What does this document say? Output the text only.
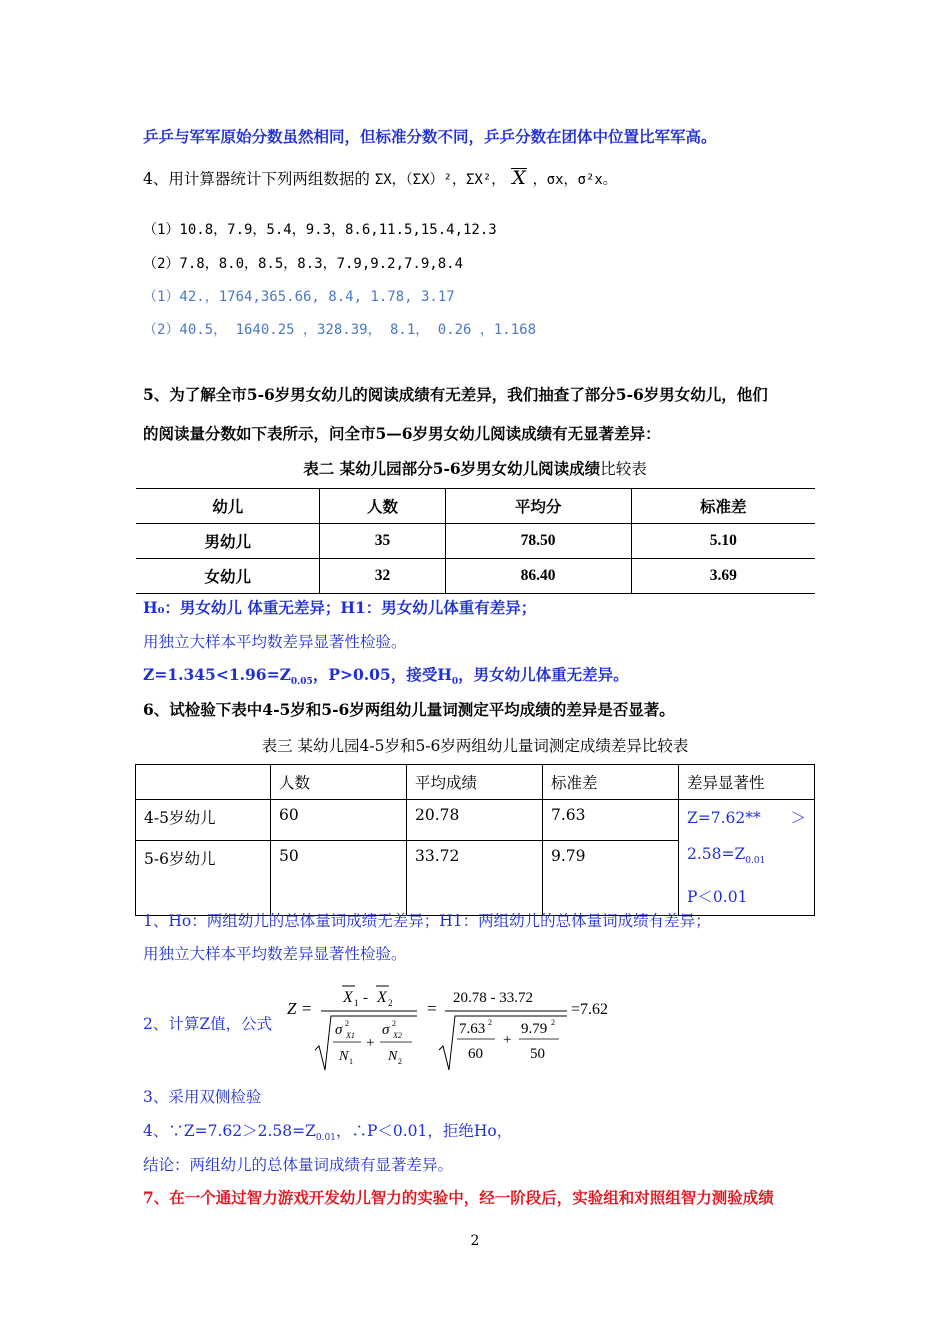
乒乒与军军原始分数虽然相同，但标准分数不同，乒乒分数在团体中位置比军军高。
4、用计算器统计下列两组数据的 ΣX，（ΣX）²，ΣX²， X ，σx，σ²x。
（1）10.8，7.9，5.4，9.3，8.6,11.5,15.4,12.3
（2）7.8，8.0，8.5，8.3，7.9,9.2,7.9,8.4
（1）42.，1764,365.66, 8.4, 1.78, 3.17
（2）40.5， 1640.25 ，328.39， 8.1， 0.26 ，1.168
5、为了解全市5-6岁男女幼儿的阅读成绩有无差异，我们抽查了部分5-6岁男女幼儿，他们
的阅读量分数如下表所示，问全市5—6岁男女幼儿阅读成绩有无显著差异：
表二 某幼儿园部分5-6岁男女幼儿阅读成绩比较表
幼儿	人数	平均分	标准差
男幼儿	35	78.50	5.10
女幼儿	32	86.40	3.69
H₀：男女幼儿 体重无差异；H1：男女幼儿体重有差异；
用独立大样本平均数差异显著性检验。
$Z=1.345<1.96=Z_{0.05}$，P>0.05，接受$H_0$，男女幼儿体重无差异。
6、试检验下表中4-5岁和5-6岁两组幼儿量词测定平均成绩的差异是否显著。
表三 某幼儿园4-5岁和5-6岁两组幼儿量词测定成绩差异比较表
	人数	平均成绩	标准差	差异显著性
4-5岁幼儿	60	20.78	7.63	Z=7.62** ＞
$2.58=Z_{0.01}$
P＜0.01

5-6岁幼儿	50	33.72	9.79	
1、Ho：两组幼儿的总体量词成绩无差异；H1：两组幼儿的总体量词成绩有差异；
用独立大样本平均数差异显著性检验。
2、计算Z值，公式
Z =
X 1 - X 2
σ 2
X1
N 1
+
σ 2
X2
N 2
=
20.78 - 33.72
7.63 2
60
+
9.79 2
50
=7.62
3、采用双侧检验
4、$\because Z=7.62>2.58=Z_{0.01}$，∴P＜0.01，拒绝Ho，
结论：两组幼儿的总体量词成绩有显著差异。
7、在一个通过智力游戏开发幼儿智力的实验中，经一阶段后，实验组和对照组智力测验成绩
2
